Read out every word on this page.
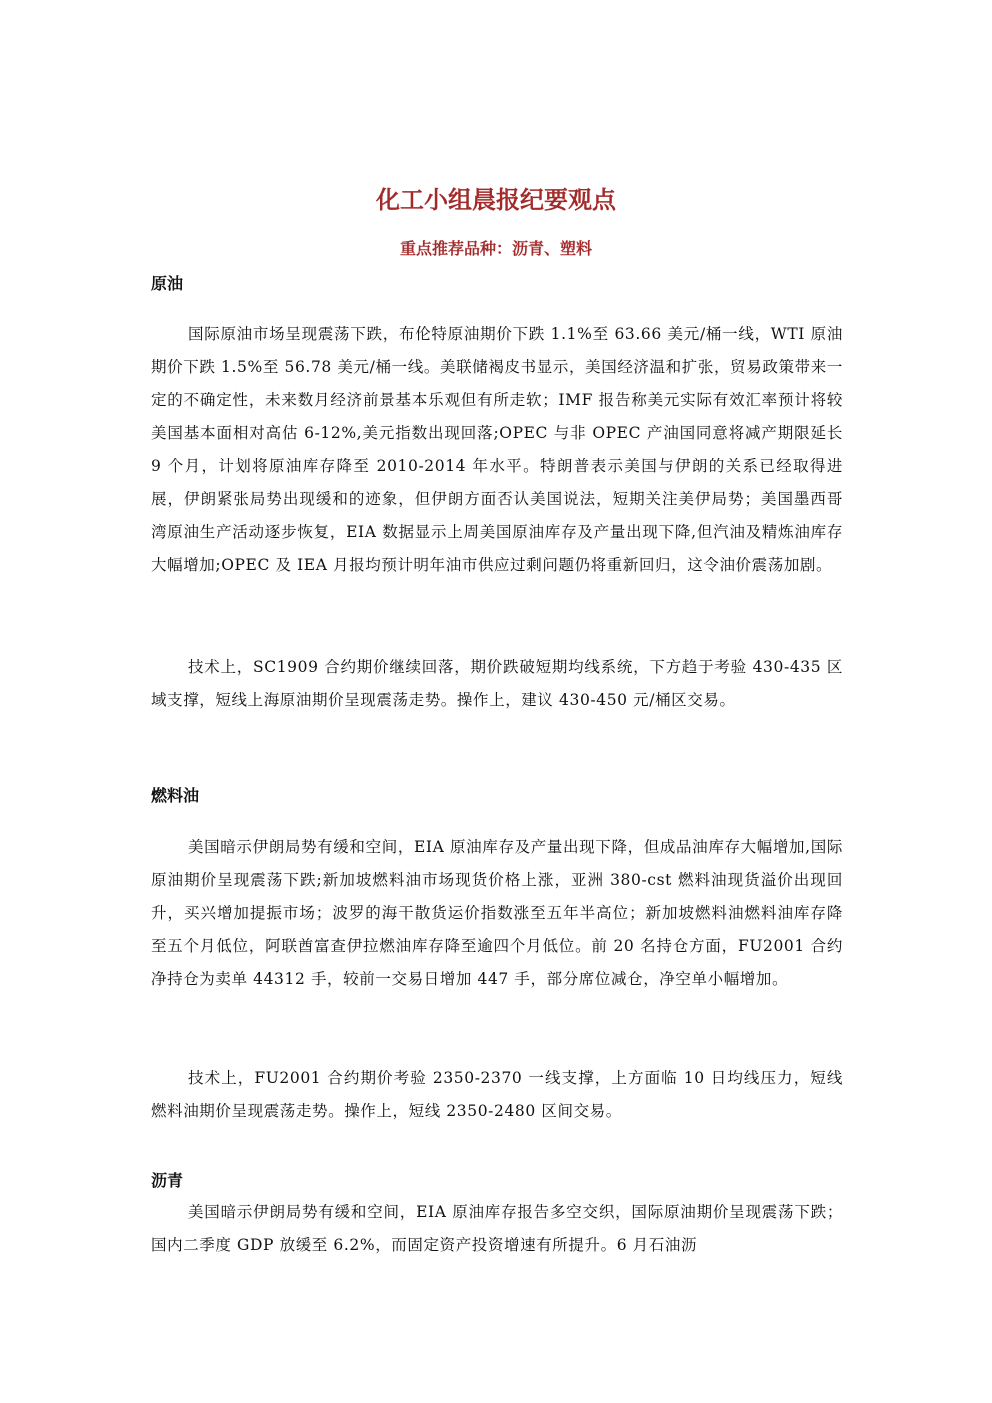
化工小组晨报纪要观点
重点推荐品种：沥青、塑料
原油

国际原油市场呈现震荡下跌，布伦特原油期价下跌 1.1%至 63.66 美元/桶一线，WTI 原油期价下跌 1.5%至 56.78 美元/桶一线。美联储褐皮书显示，美国经济温和扩张，贸易政策带来一定的不确定性，未来数月经济前景基本乐观但有所走软；IMF 报告称美元实际有效汇率预计将较美国基本面相对高估 6-12%,美元指数出现回落;OPEC 与非 OPEC 产油国同意将减产期限延长 9 个月，计划将原油库存降至 2010-2014 年水平。特朗普表示美国与伊朗的关系已经取得进展，伊朗紧张局势出现缓和的迹象，但伊朗方面否认美国说法，短期关注美伊局势；美国墨西哥湾原油生产活动逐步恢复，EIA 数据显示上周美国原油库存及产量出现下降,但汽油及精炼油库存大幅增加;OPEC 及 IEA 月报均预计明年油市供应过剩问题仍将重新回归，这令油价震荡加剧。

技术上，SC1909 合约期价继续回落，期价跌破短期均线系统，下方趋于考验 430-435 区域支撑，短线上海原油期价呈现震荡走势。操作上，建议 430-450 元/桶区交易。

燃料油

美国暗示伊朗局势有缓和空间，EIA 原油库存及产量出现下降，但成品油库存大幅增加,国际原油期价呈现震荡下跌;新加坡燃料油市场现货价格上涨，亚洲 380-cst 燃料油现货溢价出现回升，买兴增加提振市场；波罗的海干散货运价指数涨至五年半高位；新加坡燃料油燃料油库存降至五个月低位，阿联酋富查伊拉燃油库存降至逾四个月低位。前 20 名持仓方面，FU2001 合约净持仓为卖单 44312 手，较前一交易日增加 447 手，部分席位减仓，净空单小幅增加。

技术上，FU2001 合约期价考验 2350-2370 一线支撑，上方面临 10 日均线压力，短线燃料油期价呈现震荡走势。操作上，短线 2350-2480 区间交易。

沥青

美国暗示伊朗局势有缓和空间，EIA 原油库存报告多空交织，国际原油期价呈现震荡下跌；国内二季度 GDP 放缓至 6.2%，而固定资产投资增速有所提升。6 月石油沥
